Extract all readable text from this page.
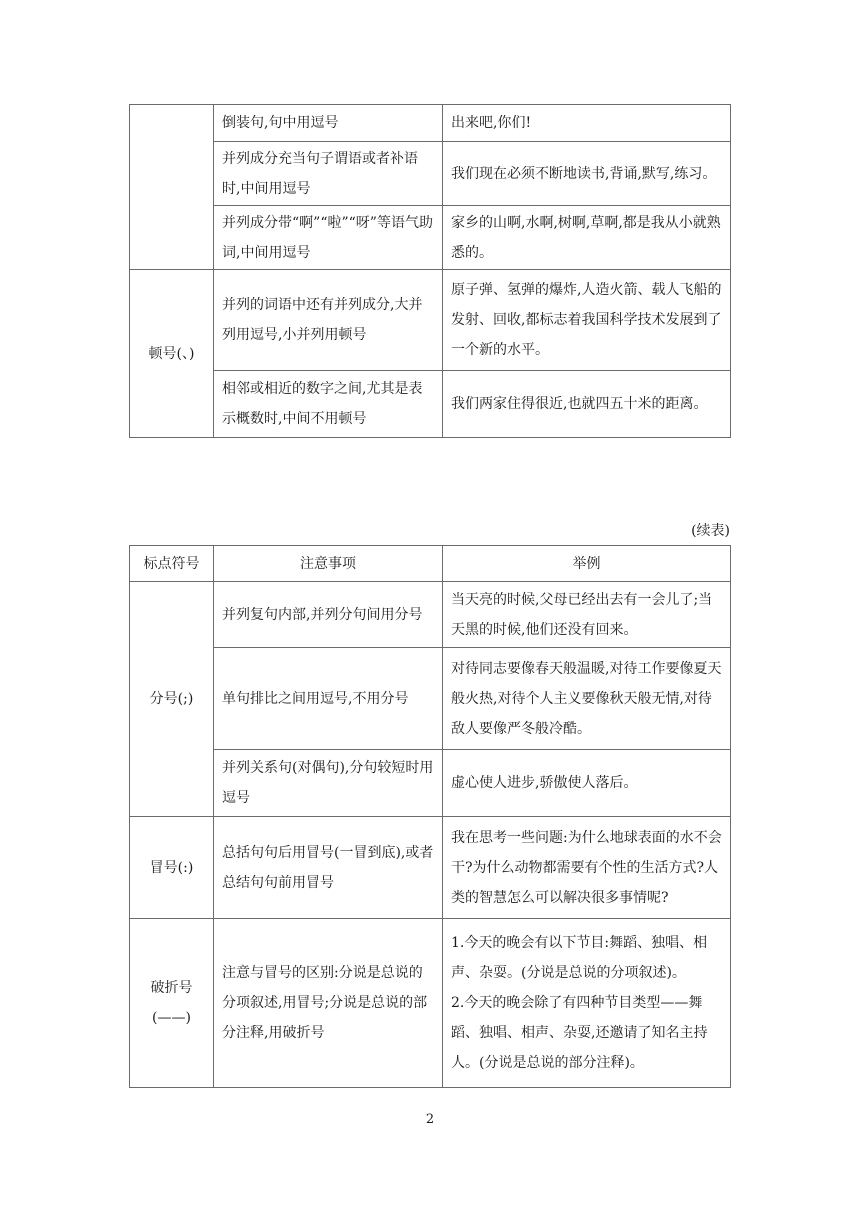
	倒装句,句中用逗号	出来吧,你们!
	并列成分充当句子谓语或者补语时,中间用逗号	我们现在必须不断地读书,背诵,默写,练习。
	并列成分带“啊”“啦”“呀”等语气助词,中间用逗号	家乡的山啊,水啊,树啊,草啊,都是我从小就熟悉的。
顿号(、)	并列的词语中还有并列成分,大并列用逗号,小并列用顿号	原子弹、氢弹的爆炸,人造火箭、载人飞船的发射、回收,都标志着我国科学技术发展到了一个新的水平。
	相邻或相近的数字之间,尤其是表示概数时,中间不用顿号	我们两家住得很近,也就四五十米的距离。
(续表)
标点符号	注意事项	举例
分号(;)	并列复句内部,并列分句间用分号	当天亮的时候,父母已经出去有一会儿了;当天黑的时候,他们还没有回来。
	单句排比之间用逗号,不用分号	对待同志要像春天般温暖,对待工作要像夏天般火热,对待个人主义要像秋天般无情,对待敌人要像严冬般冷酷。
	并列关系句(对偶句),分句较短时用逗号	虚心使人进步,骄傲使人落后。
冒号(:)	总括句句后用冒号(一冒到底),或者总结句句前用冒号	我在思考一些问题:为什么地球表面的水不会干?为什么动物都需要有个性的生活方式?人类的智慧怎么可以解决很多事情呢?
破折号(——)	注意与冒号的区别:分说是总说的分项叙述,用冒号;分说是总说的部分注释,用破折号	1.今天的晚会有以下节目:舞蹈、独唱、相声、杂耍。(分说是总说的分项叙述)。
2.今天的晚会除了有四种节目类型——舞蹈、独唱、相声、杂耍,还邀请了知名主持人。(分说是总说的部分注释)。
2
